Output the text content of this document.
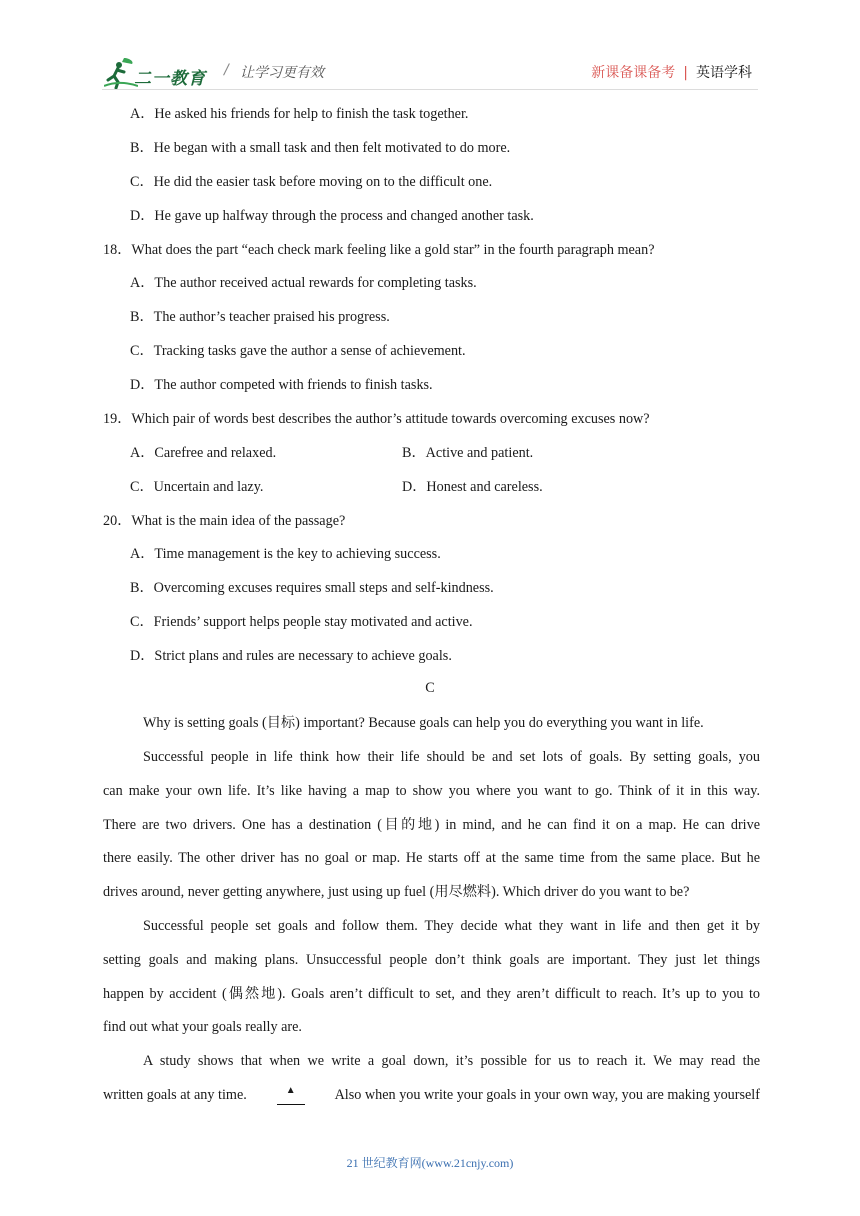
二一教育 / 让学习更有效	新课备课备考 | 英语学科
A．He asked his friends for help to finish the task together.
B．He began with a small task and then felt motivated to do more.
C．He did the easier task before moving on to the difficult one.
D．He gave up halfway through the process and changed another task.
18．What does the part “each check mark feeling like a gold star” in the fourth paragraph mean?
A．The author received actual rewards for completing tasks.
B．The author’s teacher praised his progress.
C．Tracking tasks gave the author a sense of achievement.
D．The author competed with friends to finish tasks.
19．Which pair of words best describes the author’s attitude towards overcoming excuses now?
A．Carefree and relaxed.	B．Active and patient.
C．Uncertain and lazy.	D．Honest and careless.
20．What is the main idea of the passage?
A．Time management is the key to achieving success.
B．Overcoming excuses requires small steps and self-kindness.
C．Friends’ support helps people stay motivated and active.
D．Strict plans and rules are necessary to achieve goals.
C
Why is setting goals (目标) important? Because goals can help you do everything you want in life.
Successful people in life think how their life should be and set lots of goals. By setting goals, you
can make your own life. It’s like having a map to show you where you want to go. Think of it in this way.
There are two drivers. One has a destination (目的地) in mind, and he can find it on a map. He can drive
there easily. The other driver has no goal or map. He starts off at the same time from the same place. But he
drives around, never getting anywhere, just using up fuel (用尽燃料). Which driver do you want to be?
Successful people set goals and follow them. They decide what they want in life and then get it by
setting goals and making plans. Unsuccessful people don’t think goals are important. They just let things
happen by accident (偶然地). Goals aren’t difficult to set, and they aren’t difficult to reach. It’s up to you to
find out what your goals really are.
A study shows that when we write a goal down, it’s possible for us to reach it. We may read the
written goals at any time.	▲	Also when you write your goals in your own way, you are making yourself
21 世纪教育网(www.21cnjy.com)
